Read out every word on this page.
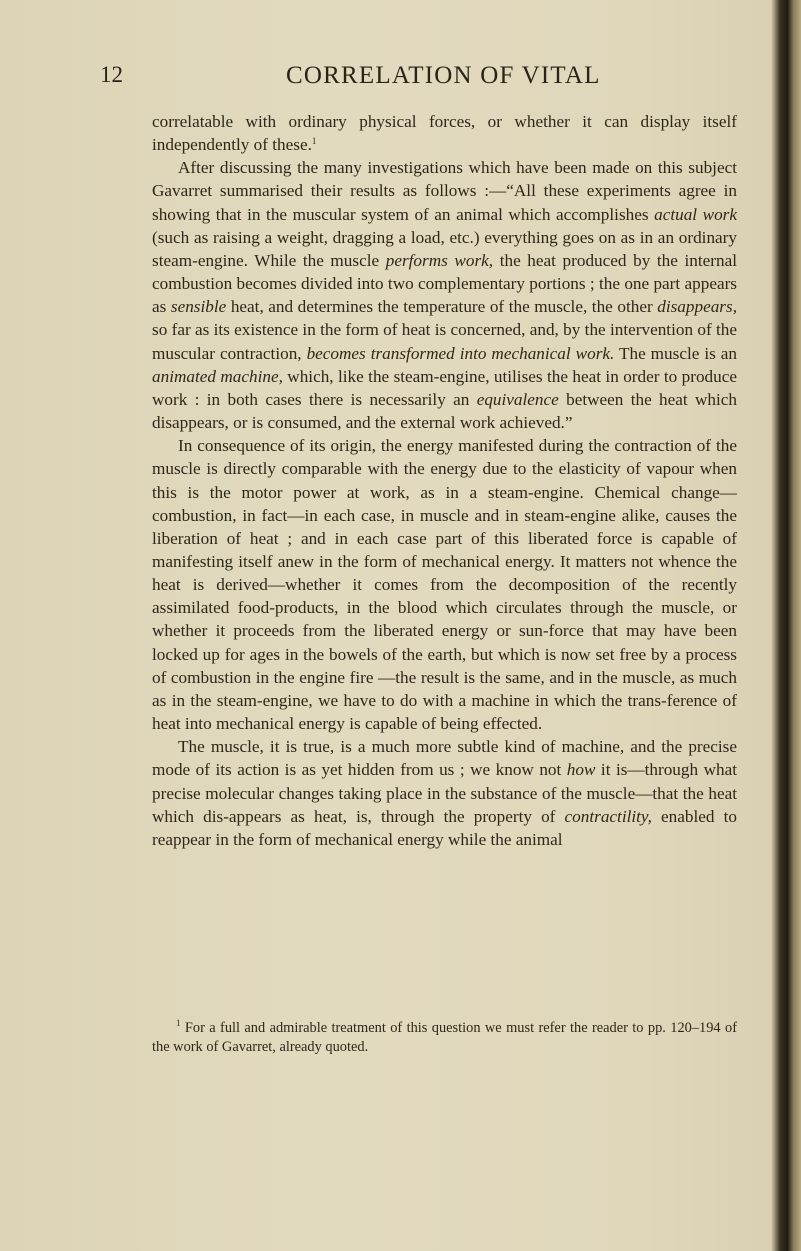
12	CORRELATION OF VITAL

correlatable with ordinary physical forces, or whether it can display itself independently of these.$^1$

After discussing the many investigations which have been made on this subject Gavarret summarised their results as follows :—“All these experiments agree in showing that in the muscular system of an animal which accomplishes actual work (such as raising a weight, dragging a load, etc.) everything goes on as in an ordinary steam-engine. While the muscle performs work, the heat produced by the internal combustion becomes divided into two complementary portions ; the one part appears as sensible heat, and determines the temperature of the muscle, the other disappears, so far as its existence in the form of heat is concerned, and, by the intervention of the muscular contraction, becomes transformed into mechanical work. The muscle is an animated machine, which, like the steam-engine, utilises the heat in order to produce work : in both cases there is necessarily an equivalence between the heat which disappears, or is consumed, and the external work achieved.”

In consequence of its origin, the energy manifested during the contraction of the muscle is directly comparable with the energy due to the elasticity of vapour when this is the motor power at work, as in a steam-engine. Chemical change—combustion, in fact—in each case, in muscle and in steam-engine alike, causes the liberation of heat ; and in each case part of this liberated force is capable of manifesting itself anew in the form of mechanical energy. It matters not whence the heat is derived—whether it comes from the decomposition of the recently assimilated food-products, in the blood which circulates through the muscle, or whether it proceeds from the liberated energy or sun-force that may have been locked up for ages in the bowels of the earth, but which is now set free by a process of combustion in the engine fire —the result is the same, and in the muscle, as much as in the steam-engine, we have to do with a machine in which the trans-ference of heat into mechanical energy is capable of being effected.

The muscle, it is true, is a much more subtle kind of machine, and the precise mode of its action is as yet hidden from us ; we know not how it is—through what precise molecular changes taking place in the substance of the muscle—that the heat which dis-appears as heat, is, through the property of contractility, enabled to reappear in the form of mechanical energy while the animal

$^1$ For a full and admirable treatment of this question we must refer the reader to pp. 120–194 of the work of Gavarret, already quoted.
